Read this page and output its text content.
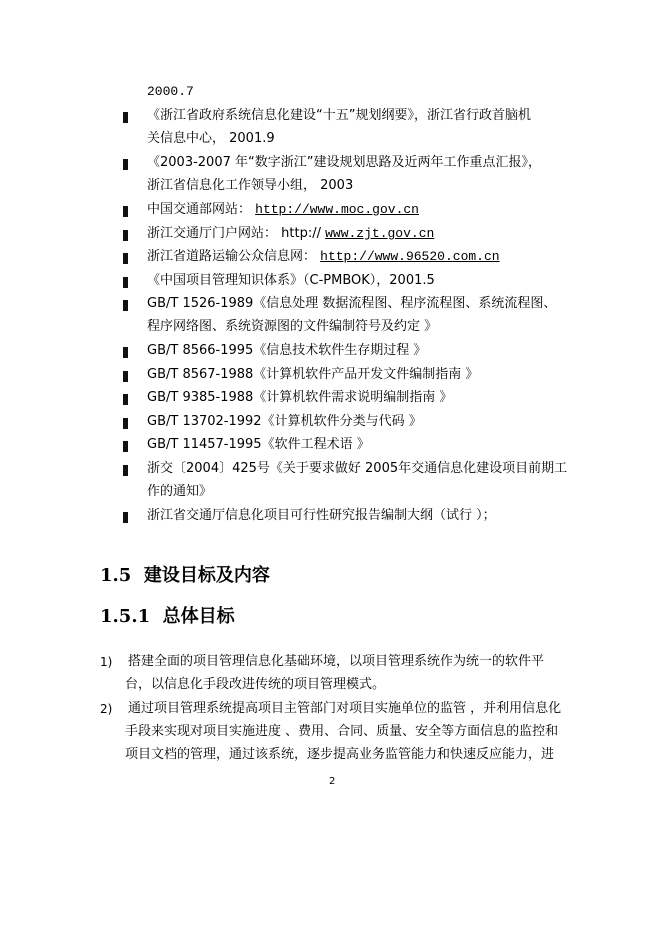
2000.7
《浙江省政府系统信息化建设“十五”规划纲要》，浙江省行政首脑机
关信息中心， 2001.9
《2003-2007 年“数字浙江”建设规划思路及近两年工作重点汇报》，
浙江省信息化工作领导小组， 2003
中国交通部网站： http://www.moc.gov.cn
浙江交通厅门户网站： http:// www.zjt.gov.cn
浙江省道路运输公众信息网： http://www.96520.com.cn
《中国项目管理知识体系》（C-PMBOK），2001.5
GB/T 1526-1989《信息处理 数据流程图、程序流程图、系统流程图、
程序网络图、系统资源图的文件编制符号及约定 》
GB/T 8566-1995《信息技术软件生存期过程 》
GB/T 8567-1988《计算机软件产品开发文件编制指南 》
GB/T 9385-1988《计算机软件需求说明编制指南 》
GB/T 13702-1992《计算机软件分类与代码 》
GB/T 11457-1995《软件工程术语 》
浙交〔2004〕425号《关于要求做好 2005年交通信息化建设项目前期工
作的通知》
浙江省交通厅信息化项目可行性研究报告编制大纲（试行 ）；
1.5 建设目标及内容
1.5.1 总体目标
1) 搭建全面的项目管理信息化基础环境，以项目管理系统作为统一的软件平
台，以信息化手段改进传统的项目管理模式。
2) 通过项目管理系统提高项目主管部门对项目实施单位的监管 ，并利用信息化
手段来实现对项目实施进度 、费用、合同、质量、安全等方面信息的监控和
项目文档的管理，通过该系统，逐步提高业务监管能力和快速反应能力，进
2
